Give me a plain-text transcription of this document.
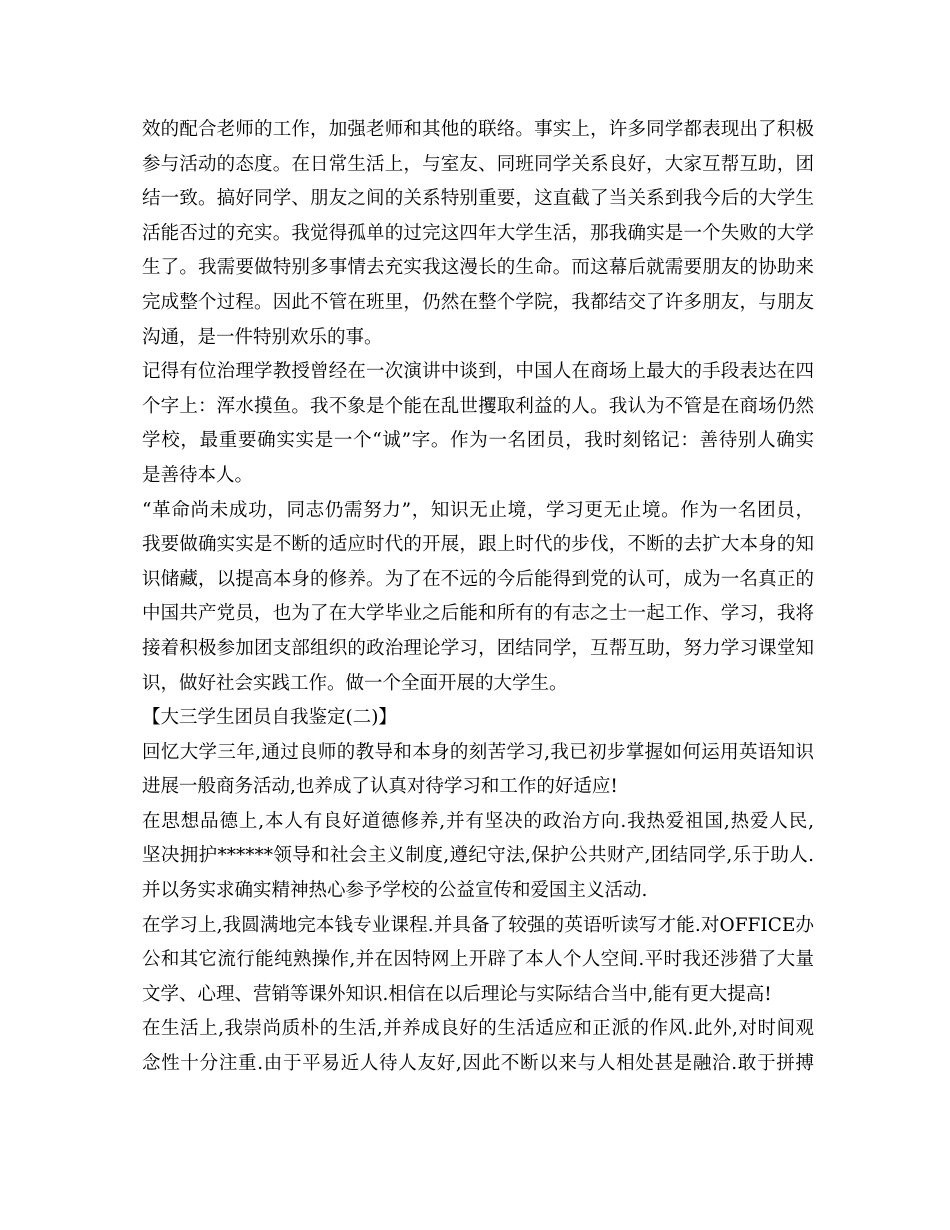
效的配合老师的工作，加强老师和其他的联络。事实上，许多同学都表现出了积极
参与活动的态度。在日常生活上，与室友、同班同学关系良好，大家互帮互助，团
结一致。搞好同学、朋友之间的关系特别重要，这直截了当关系到我今后的大学生
活能否过的充实。我觉得孤单的过完这四年大学生活，那我确实是一个失败的大学
生了。我需要做特别多事情去充实我这漫长的生命。而这幕后就需要朋友的协助来
完成整个过程。因此不管在班里，仍然在整个学院，我都结交了许多朋友，与朋友
沟通，是一件特别欢乐的事。
记得有位治理学教授曾经在一次演讲中谈到，中国人在商场上最大的手段表达在四
个字上：浑水摸鱼。我不象是个能在乱世攫取利益的人。我认为不管是在商场仍然
学校，最重要确实实是一个“诚”字。作为一名团员，我时刻铭记：善待别人确实
是善待本人。
“革命尚未成功，同志仍需努力”，知识无止境，学习更无止境。作为一名团员，
我要做确实实是不断的适应时代的开展，跟上时代的步伐，不断的去扩大本身的知
识储藏，以提高本身的修养。为了在不远的今后能得到党的认可，成为一名真正的
中国共产党员，也为了在大学毕业之后能和所有的有志之士一起工作、学习，我将
接着积极参加团支部组织的政治理论学习，团结同学，互帮互助，努力学习课堂知
识，做好社会实践工作。做一个全面开展的大学生。
【大三学生团员自我鉴定(二)】
回忆大学三年,通过良师的教导和本身的刻苦学习,我已初步掌握如何运用英语知识
进展一般商务活动,也养成了认真对待学习和工作的好适应!
在思想品德上,本人有良好道德修养,并有坚决的政治方向.我热爱祖国,热爱人民,
坚决拥护******领导和社会主义制度,遵纪守法,保护公共财产,团结同学,乐于助人.
并以务实求确实精神热心参予学校的公益宣传和爱国主义活动.
在学习上,我圆满地完本钱专业课程.并具备了较强的英语听读写才能.对OFFICE办
公和其它流行能纯熟操作,并在因特网上开辟了本人个人空间.平时我还涉猎了大量
文学、心理、营销等课外知识.相信在以后理论与实际结合当中,能有更大提高!
在生活上,我崇尚质朴的生活,并养成良好的生活适应和正派的作风.此外,对时间观
念性十分注重.由于平易近人待人友好,因此不断以来与人相处甚是融洽.敢于拼搏
